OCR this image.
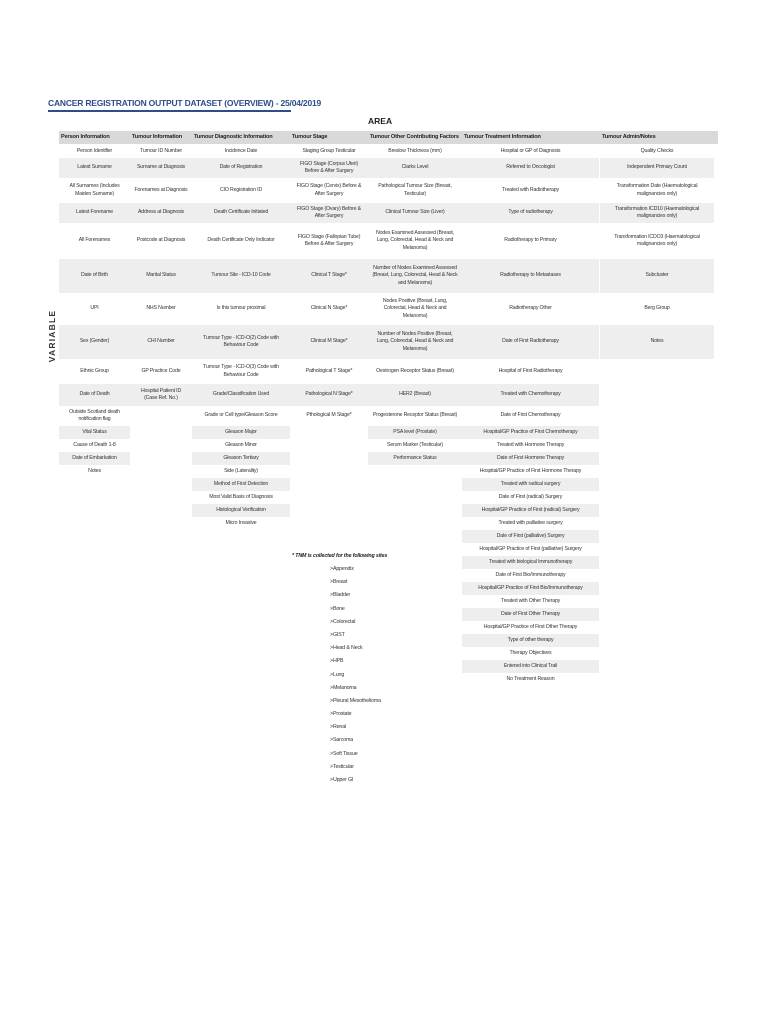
CANCER REGISTRATION OUTPUT DATASET (OVERVIEW) - 25/04/2019
AREA
VARIABLE
Person Information
Person Identifier
Latest Surname
All Surnames (Includes Maiden Surname)
Latest Forename
All Forenames
Date of Birth
UPI
Sex (Gender)
Ethnic Group
Date of Death
Outside Scotland death notification flag
Vital Status
Cause of Death 1-8
Date of Embarkation
Notes
Tumour Information
Tumour ID Number
Surname at Diagnosis
Forenames at Diagnosis
Address at Diagnosis
Postcode at Diagnosis
Marital Status
NHS Number
CHI Number
GP Practice Code
Hospital Patient ID (Case Ref. No.)
Tumour Diagnostic Information
Incidence Date
Date of Registration
CIO Registration ID
Death Certificate Initiated
Death Certificate Only Indicator
Tumour Site - ICD-10 Code
Is this tumour proximal
Tumour Type - ICD-O(2) Code with Behaviour Code
Tumour Type - ICD-O(3) Code with Behaviour Code
Grade/Classification Used
Grade or Cell type/Gleason Score
Gleason Major
Gleason Minor
Gleason Tertiary
Side (Laterality)
Method of First Detection
Most Valid Basis of Diagnosis
Histological Verification
Micro Invasive
Tumour Stage
Staging Group Testicular
FIGO Stage (Corpus Uteri) Before & After Surgery
FIGO Stage (Cervix) Before & After Surgery
FIGO Stage (Ovary) Before & After Surgery
FIGO Stage (Fallopian Tube) Before & After Surgery
Clinical T Stage*
Clinical N Stage*
Clinical M Stage*
Pathological T Stage*
Pathological N Stage*
Pthological M Stage*
Tumour Other Contributing Factors
Breslow Thickness (mm)
Clarks Level
Pathological Tumour Size (Breast, Testicular)
Clinical Tumour Size (Liver)
Nodes Examined Assessed (Breast, Lung, Colorectal, Head & Neck and Melanoma)
Number of Nodes Examined Assessed (Breast, Lung, Colorectal, Head & Neck and Melanoma)
Nodes Positive (Breast, Lung, Colorectal, Head & Neck and Melanoma)
Number of Nodes Positive (Breast, Lung, Colorectal, Head & Neck and Melanoma)
Oestrogen Receptor Status (Breast)
HER2 (Breast)
Progesterone Receptor Status (Breast)
PSA level (Prostate)
Serum Marker (Testicular)
Performance Status
Tumour Treatment Information
Hospital or GP of Diagnosis
Referred to Oncologist
Treated with Radiotherapy
Type of radiotherapy
Radiotherapy to Primary
Radiotherapy to Metastases
Radiotherapy Other
Date of First Radiotherapy
Hospital of First Radiotherapy
Treated with Chemotherapy
Date of First Chemotherapy
Hospital/GP Practice of First Chemotherapy
Treated with Hormone Therapy
Date of First Hormone Therapy
Hospital/GP Practice of First Hormone Therapy
Treated with radical surgery
Date of First (radical) Surgery
Hospital/GP Practice of First (radical) Surgery
Treated with palliative surgery
Date of First (palliative) Surgery
Hospital/GP Practice of First (palliative) Surgery
Treated with biological Immunotherapy
Date of First Bio/Immunotherapy
Hospital/GP Practice of First Bio/Immunotherapy
Treated with Other Therapy
Date of First Other Therapy
Hospital/GP Practice of First Other Therapy
Type of other therapy
Therapy Objectives
Entered into Clinical Trail
No Treatment Reason
Tumour Admin/Notes
Quality Checks
Independent Primary Count
Transformation Date (Haematological malignancies only)
Transformation ICD10 (Haematological malignancies only)
Transformation ICDO3 (Haematological malignancies only)
Subcluster
Berg Group
Notes
* TNM is collected for the following sites
>Appendix
>Breast
>Bladder
>Bone
>Colorectal
>GIST
>Head & Neck
>HPB
>Lung
>Melanoma
>Pleural Mesothelioma
>Prostate
>Renal
>Sarcoma
>Soft Tissue
>Testicular
>Upper GI
